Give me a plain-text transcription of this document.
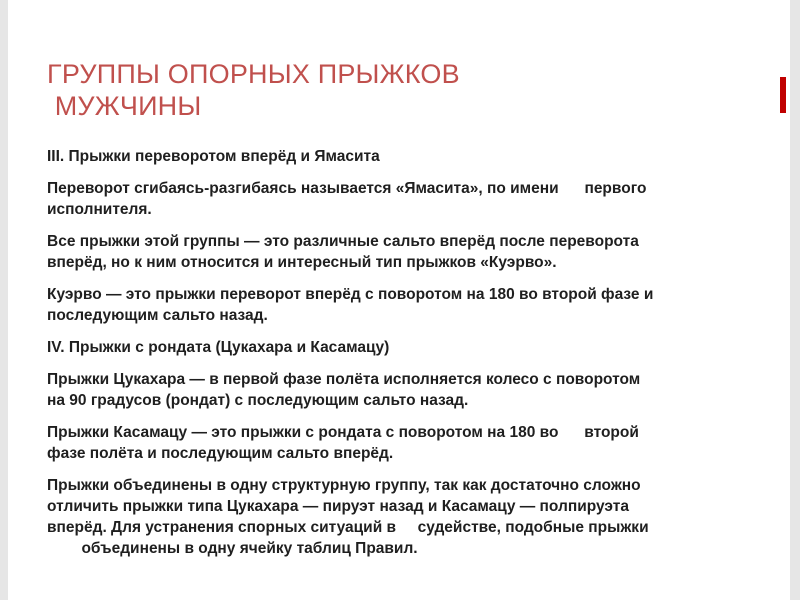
ГРУППЫ ОПОРНЫХ ПРЫЖКОВ
МУЖЧИНЫ

III. Прыжки переворотом вперёд и Ямасита

Переворот сгибаясь-разгибаясь называется «Ямасита», по имени      первого
исполнителя.

Все прыжки этой группы — это различные сальто вперёд после переворота
вперёд, но к ним относится и интересный тип прыжков «Куэрво».

Куэрво — это прыжки переворот вперёд с поворотом на 180 во второй фазе и
последующим сальто назад.

IV. Прыжки с рондата (Цукахара и Касамацу)

Прыжки Цукахара — в первой фазе полёта исполняется колесо с поворотом
на 90 градусов (рондат) с последующим сальто назад.

Прыжки Касамацу — это прыжки с рондата с поворотом на 180 во      второй
фазе полёта и последующим сальто вперёд.

Прыжки объединены в одну структурную группу, так как достаточно сложно
отличить прыжки типа Цукахара — пируэт назад и Касамацу — полпируэта
вперёд. Для устранения спорных ситуаций в     судействе, подобные прыжки
объединены в одну ячейку таблиц Правил.
